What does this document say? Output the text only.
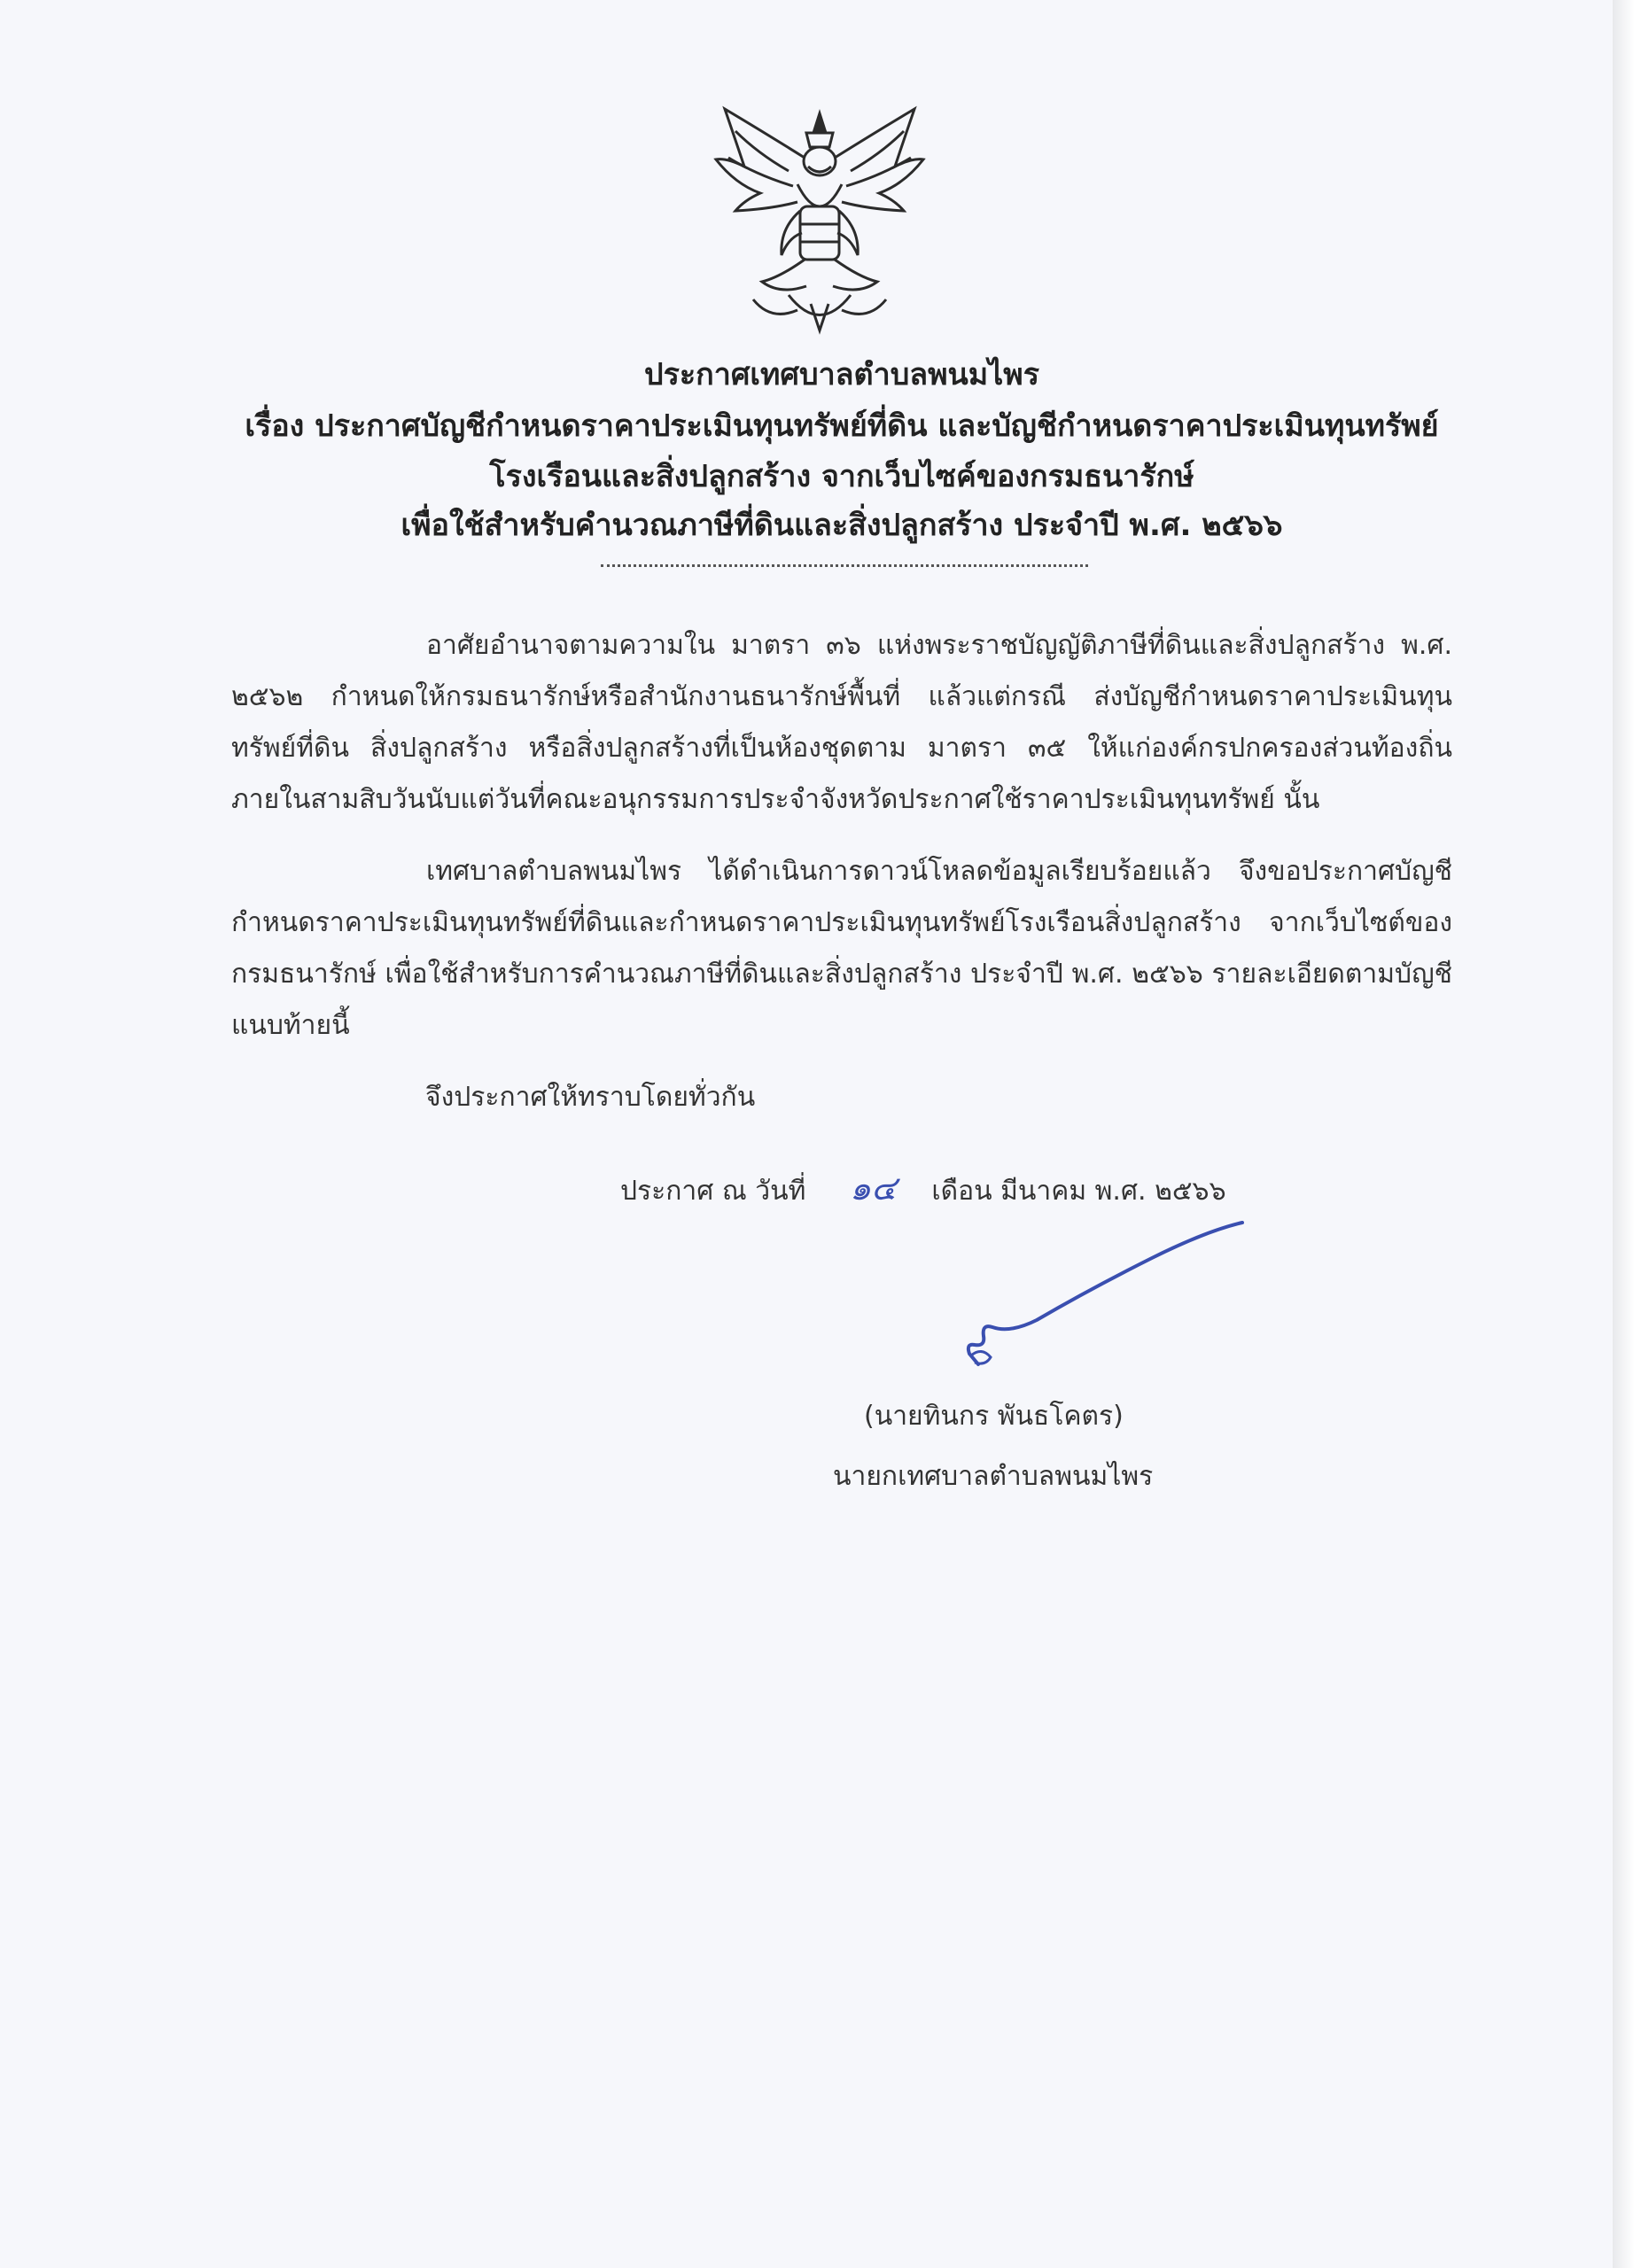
ประกาศเทศบาลตำบลพนมไพร
เรื่อง ประกาศบัญชีกำหนดราคาประเมินทุนทรัพย์ที่ดิน และบัญชีกำหนดราคาประเมินทุนทรัพย์
โรงเรือนและสิ่งปลูกสร้าง จากเว็บไซค์ของกรมธนารักษ์
เพื่อใช้สำหรับคำนวณภาษีที่ดินและสิ่งปลูกสร้าง ประจำปี พ.ศ. ๒๕๖๖
อาศัยอำนาจตามความใน มาตรา ๓๖ แห่งพระราชบัญญัติภาษีที่ดินและสิ่งปลูกสร้าง พ.ศ. ๒๕๖๒ กำหนดให้กรมธนารักษ์หรือสำนักงานธนารักษ์พื้นที่ แล้วแต่กรณี ส่งบัญชีกำหนดราคาประเมินทุนทรัพย์ที่ดิน สิ่งปลูกสร้าง หรือสิ่งปลูกสร้างที่เป็นห้องชุดตาม มาตรา ๓๕ ให้แก่องค์กรปกครองส่วนท้องถิ่นภายในสามสิบวันนับแต่วันที่คณะอนุกรรมการประจำจังหวัดประกาศใช้ราคาประเมินทุนทรัพย์ นั้น
เทศบาลตำบลพนมไพร ได้ดำเนินการดาวน์โหลดข้อมูลเรียบร้อยแล้ว จึงขอประกาศบัญชีกำหนดราคาประเมินทุนทรัพย์ที่ดินและกำหนดราคาประเมินทุนทรัพย์โรงเรือนสิ่งปลูกสร้าง จากเว็บไซต์ของกรมธนารักษ์ เพื่อใช้สำหรับการคำนวณภาษีที่ดินและสิ่งปลูกสร้าง ประจำปี พ.ศ. ๒๕๖๖ รายละเอียดตามบัญชีแนบท้ายนี้
จึงประกาศให้ทราบโดยทั่วกัน
ประกาศ ณ วันที่ ๑๔ เดือน มีนาคม พ.ศ. ๒๕๖๖
(นายทินกร พันธโคตร)
นายกเทศบาลตำบลพนมไพร
